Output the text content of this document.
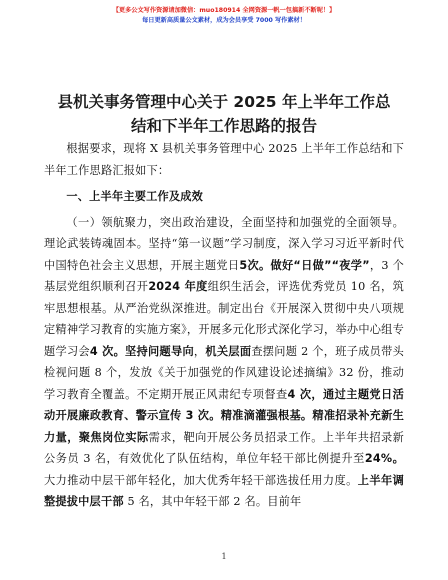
【更多公文写作资源请加微信：muo180914 全网资源一帆一包搞新不断呢！】
每日更新高质量公文素材，成为会员享受 7000 写作素材！
县机关事务管理中心关于 2025 年上半年工作总
结和下半年工作思路的报告

根据要求，现将 X 县机关事务管理中心 2025 上半年工作总结和下半年工作思路汇报如下：

一、上半年主要工作及成效

（一）领航聚力，突出政治建设，全面坚持和加强党的全面领导。理论武装铸魂固本。坚持“第一议题”学习制度，深入学习习近平新时代中国特色社会主义思想，开展主题党日5次。做好“日做”“夜学”，3 个基层党组织顺利召开2024 年度组织生活会，评选优秀党员 10 名，筑牢思想根基。从严治党纵深推进。制定出台《开展深入贯彻中央八项规定精神学习教育的实施方案》，开展多元化形式深化学习，举办中心组专题学习会4 次。坚持问题导向，机关层面查摆问题 2 个，班子成员带头检视问题 8 个，发放《关于加强党的作风建设论述摘编》32 份，推动学习教育全覆盖。不定期开展正风肃纪专项督查4 次，通过主题党日活动开展廉政教育、警示宣传 3 次。精准滴灌强根基。精准招录补充新生力量，聚焦岗位实际需求，靶向开展公务员招录工作。上半年共招录新公务员 3 名，有效优化了队伍结构，单位年轻干部比例提升至24%。大力推动中层干部年轻化，加大优秀年轻干部选拔任用力度。上半年调整提拔中层干部 5 名，其中年轻干部 2 名。目前年

1
